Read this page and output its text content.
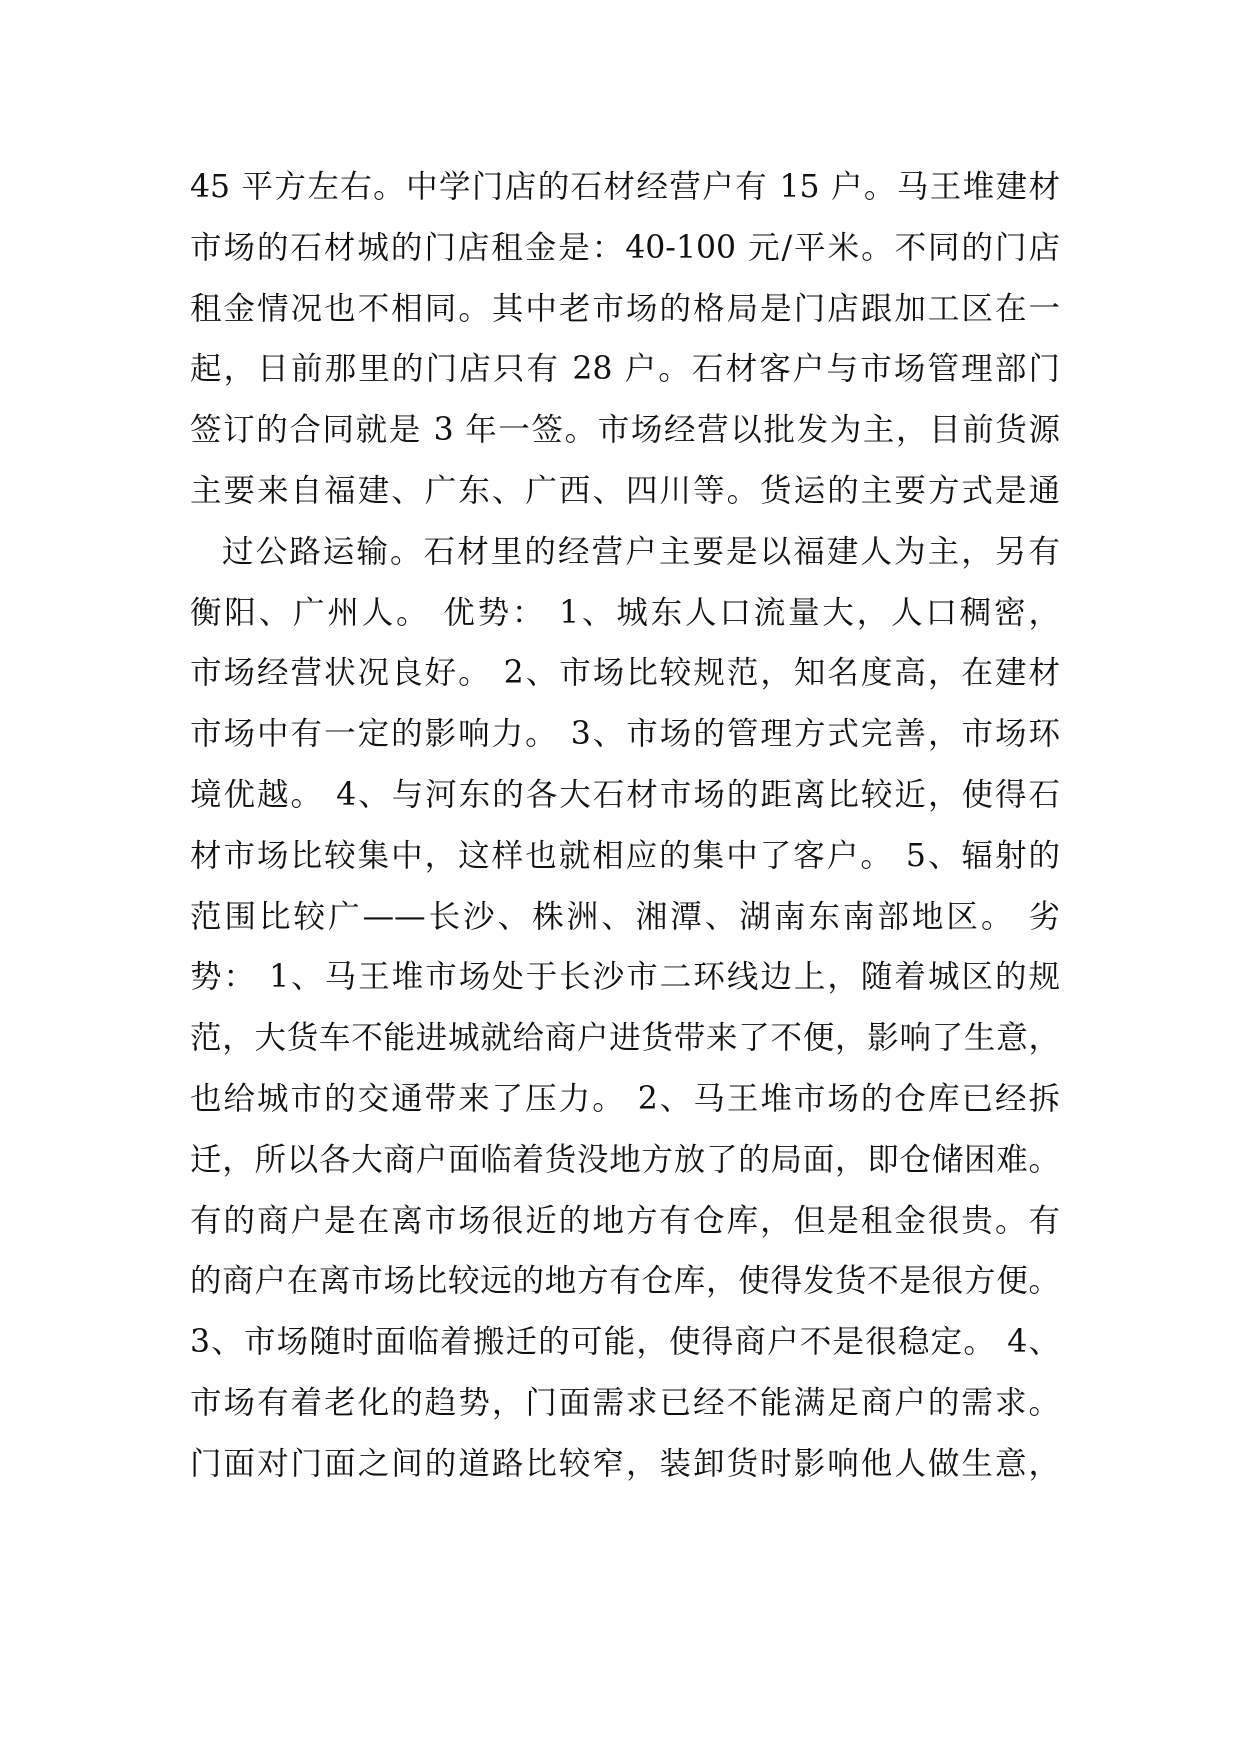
45 平方左右。中学门店的石材经营户有 15 户。马王堆建材
市场的石材城的门店租金是：40-100 元/平米。不同的门店
租金情况也不相同。其中老市场的格局是门店跟加工区在一
起，日前那里的门店只有 28 户。石材客户与市场管理部门
签订的合同就是 3 年一签。市场经营以批发为主，目前货源
主要来自福建、广东、广西、四川等。货运的主要方式是通
过公路运输。石材里的经营户主要是以福建人为主，另有
衡阳、广州人。 优势： 1、城东人口流量大，人口稠密，
市场经营状况良好。 2、市场比较规范，知名度高，在建材
市场中有一定的影响力。 3、市场的管理方式完善，市场环
境优越。 4、与河东的各大石材市场的距离比较近，使得石
材市场比较集中，这样也就相应的集中了客户。 5、辐射的
范围比较广——长沙、株洲、湘潭、湖南东南部地区。 劣
势： 1、马王堆市场处于长沙市二环线边上，随着城区的规
范，大货车不能进城就给商户进货带来了不便，影响了生意，
也给城市的交通带来了压力。 2、马王堆市场的仓库已经拆
迁，所以各大商户面临着货没地方放了的局面，即仓储困难。
有的商户是在离市场很近的地方有仓库，但是租金很贵。有
的商户在离市场比较远的地方有仓库，使得发货不是很方便。
3、市场随时面临着搬迁的可能，使得商户不是很稳定。 4、
市场有着老化的趋势，门面需求已经不能满足商户的需求。
门面对门面之间的道路比较窄，装卸货时影响他人做生意，
